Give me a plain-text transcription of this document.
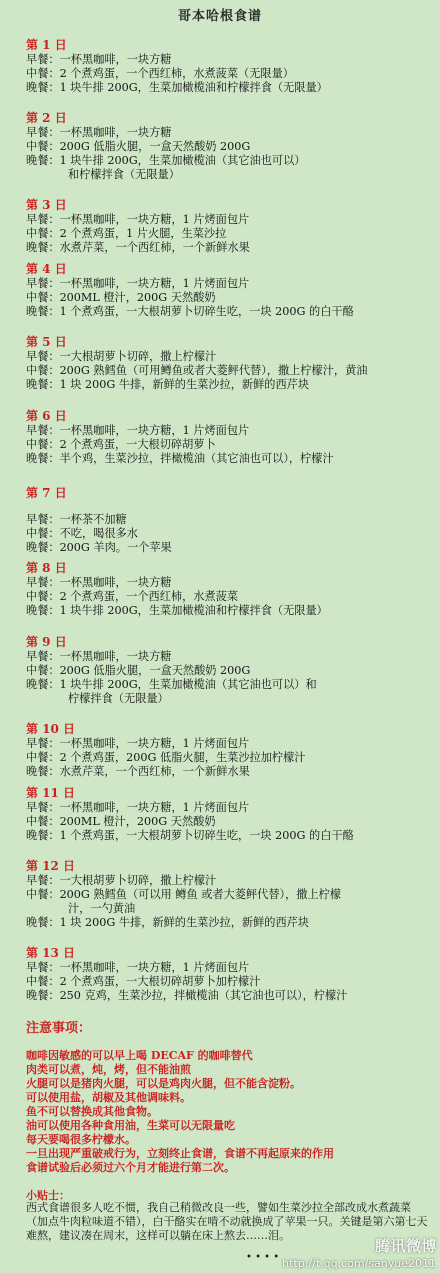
哥本哈根食谱
第 1 日
早餐：一杯黑咖啡，一块方糖
中餐：2 个煮鸡蛋，一个西红柿，水煮菠菜（无限量）
晚餐：1 块牛排 200G，生菜加橄榄油和柠檬拌食（无限量）
第 2 日
早餐：一杯黑咖啡，一块方糖
中餐：200G 低脂火腿，一盒天然酸奶 200G
晚餐：1 块牛排 200G，生菜加橄榄油（其它油也可以）
和柠檬拌食（无限量）
第 3 日
早餐：一杯黑咖啡，一块方糖，1 片烤面包片
中餐：2 个煮鸡蛋，1 片火腿，生菜沙拉
晚餐：水煮芹菜，一个西红柿，一个新鲜水果
第 4 日
早餐：一杯黑咖啡，一块方糖，1 片烤面包片
中餐：200ML 橙汁，200G 天然酸奶
晚餐：1 个煮鸡蛋，一大根胡萝卜切碎生吃，一块 200G 的白干酪
第 5 日
早餐：一大根胡萝卜切碎，撒上柠檬汁
中餐：200G 熟鳕鱼（可用鳟鱼或者大菱鲆代替），撒上柠檬汁，黄油
晚餐：1 块 200G 牛排，新鲜的生菜沙拉，新鲜的西芹块
第 6 日
早餐：一杯黑咖啡，一块方糖，1 片烤面包片
中餐：2 个煮鸡蛋，一大根切碎胡萝卜
晚餐：半个鸡，生菜沙拉，拌橄榄油（其它油也可以），柠檬汁
第 7 日
早餐：一杯茶不加糖
中餐：不吃，喝很多水
晚餐：200G 羊肉。一个苹果
第 8 日
早餐：一杯黑咖啡，一块方糖
中餐：2 个煮鸡蛋，一个西红柿，水煮菠菜
晚餐：1 块牛排 200G，生菜加橄榄油和柠檬拌食（无限量）
第 9 日
早餐：一杯黑咖啡，一块方糖
中餐：200G 低脂火腿，一盒天然酸奶 200G
晚餐：1 块牛排 200G，生菜加橄榄油（其它油也可以）和
柠檬拌食（无限量）
第 10 日
早餐：一杯黑咖啡，一块方糖，1 片烤面包片
中餐：2 个煮鸡蛋，200G 低脂火腿，生菜沙拉加柠檬汁
晚餐：水煮芹菜，一个西红柿，一个新鲜水果
第 11 日
早餐：一杯黑咖啡，一块方糖，1 片烤面包片
中餐：200ML 橙汁，200G 天然酸奶
晚餐：1 个煮鸡蛋，一大根胡萝卜切碎生吃，一块 200G 的白干酪
第 12 日
早餐：一大根胡萝卜切碎，撒上柠檬汁
中餐：200G 熟鳕鱼（可以用 鳟鱼 或者大菱鲆代替），撒上柠檬
汁，一勺黄油
晚餐：1 块 200G 牛排，新鲜的生菜沙拉，新鲜的西芹块
第 13 日
早餐：一杯黑咖啡，一块方糖，1 片烤面包片
中餐：2 个煮鸡蛋，一大根切碎胡萝卜加柠檬汁
晚餐：250 克鸡，生菜沙拉，拌橄榄油（其它油也可以），柠檬汁
注意事项：
咖啡因敏感的可以早上喝 DECAF 的咖啡替代
肉类可以煮，炖，烤，但不能油煎
火腿可以是猪肉火腿，可以是鸡肉火腿，但不能含淀粉。
可以使用盐，胡椒及其他调味料。
鱼不可以替换成其他食物。
油可以使用各种食用油，生菜可以无限量吃
每天要喝很多柠檬水。
一旦出现严重破戒行为，立刻终止食谱，食谱不再起原来的作用
食谱试验后必须过六个月才能进行第二次。
小贴士：
西式食谱很多人吃不惯，我自己稍微改良一些，譬如生菜沙拉全部改成水煮蔬菜（加点牛肉粒味道不错），白干酪实在啃不动就换成了苹果一只。关键是第六第七天难熬，建议凑在周末，这样可以躺在床上熬去……泪。
• • • •
腾讯微博
http://t.qq.com/sanyue2011
